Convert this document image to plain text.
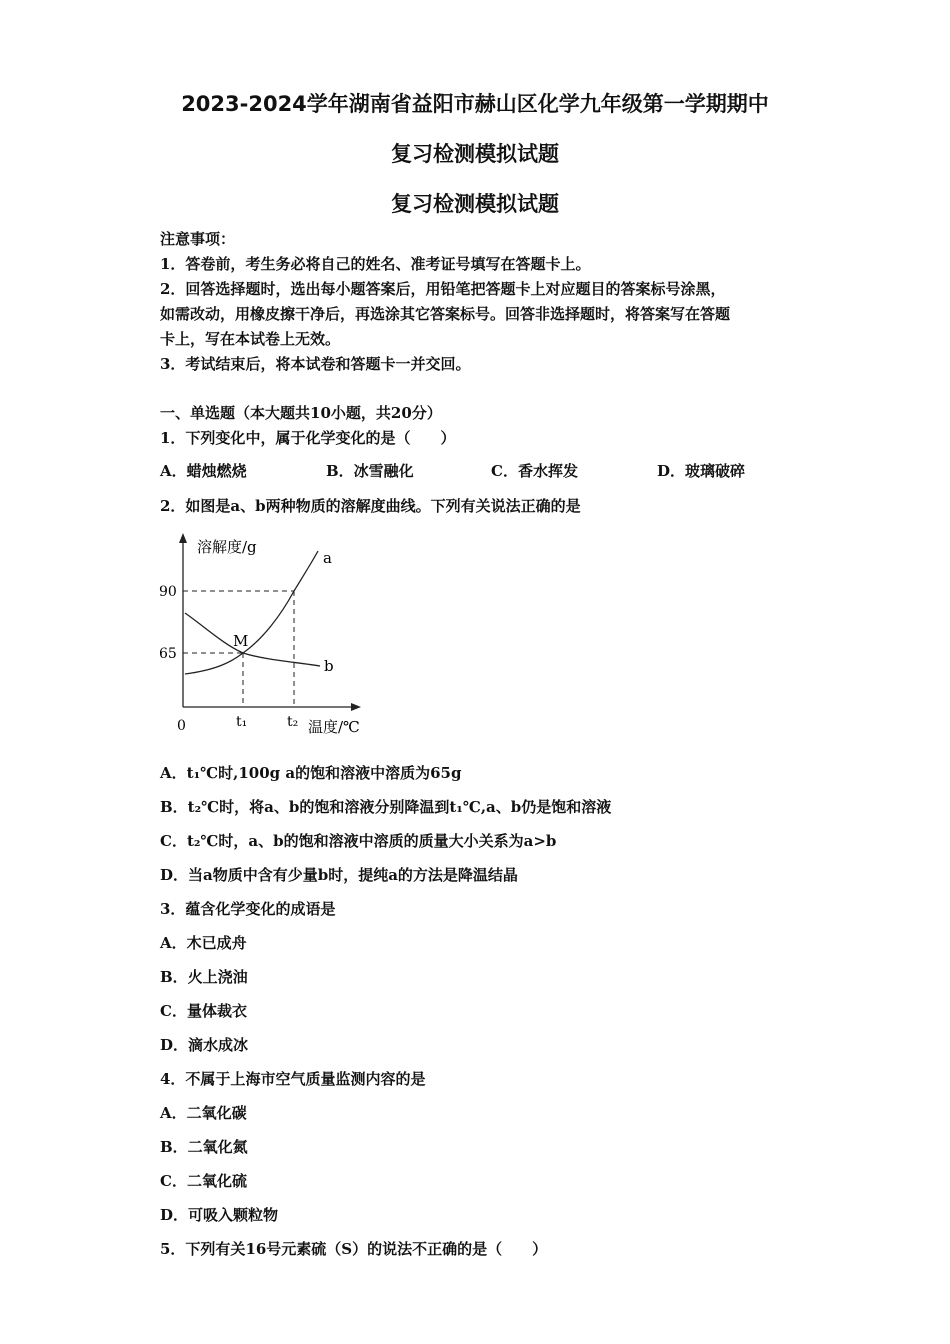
2023-2024学年湖南省益阳市赫山区化学九年级第一学期期中
复习检测模拟试题
复习检测模拟试题
注意事项：
1．答卷前，考生务必将自己的姓名、准考证号填写在答题卡上。
2．回答选择题时，选出每小题答案后，用铅笔把答题卡上对应题目的答案标号涂黑，
如需改动，用橡皮擦干净后，再选涂其它答案标号。回答非选择题时，将答案写在答题
卡上，写在本试卷上无效。
3．考试结束后，将本试卷和答题卡一并交回。
一、单选题（本大题共10小题，共20分）
1．下列变化中，属于化学变化的是（　　）
A．蜡烛燃烧	B．冰雪融化	C．香水挥发	D．玻璃破碎
2．如图是a、b两种物质的溶解度曲线。下列有关说法正确的是
溶解度/g
温度/℃
0
90
65
t₁	t₂
M
a
b
A．t₁℃时,100g a的饱和溶液中溶质为65g
B．t₂℃时，将a、b的饱和溶液分别降温到t₁℃,a、b仍是饱和溶液
C．t₂℃时，a、b的饱和溶液中溶质的质量大小关系为a>b
D．当a物质中含有少量b时，提纯a的方法是降温结晶
3．蕴含化学变化的成语是
A．木已成舟
B．火上浇油
C．量体裁衣
D．滴水成冰
4．不属于上海市空气质量监测内容的是
A．二氧化碳
B．二氧化氮
C．二氧化硫
D．可吸入颗粒物
5．下列有关16号元素硫（S）的说法不正确的是（　　）
